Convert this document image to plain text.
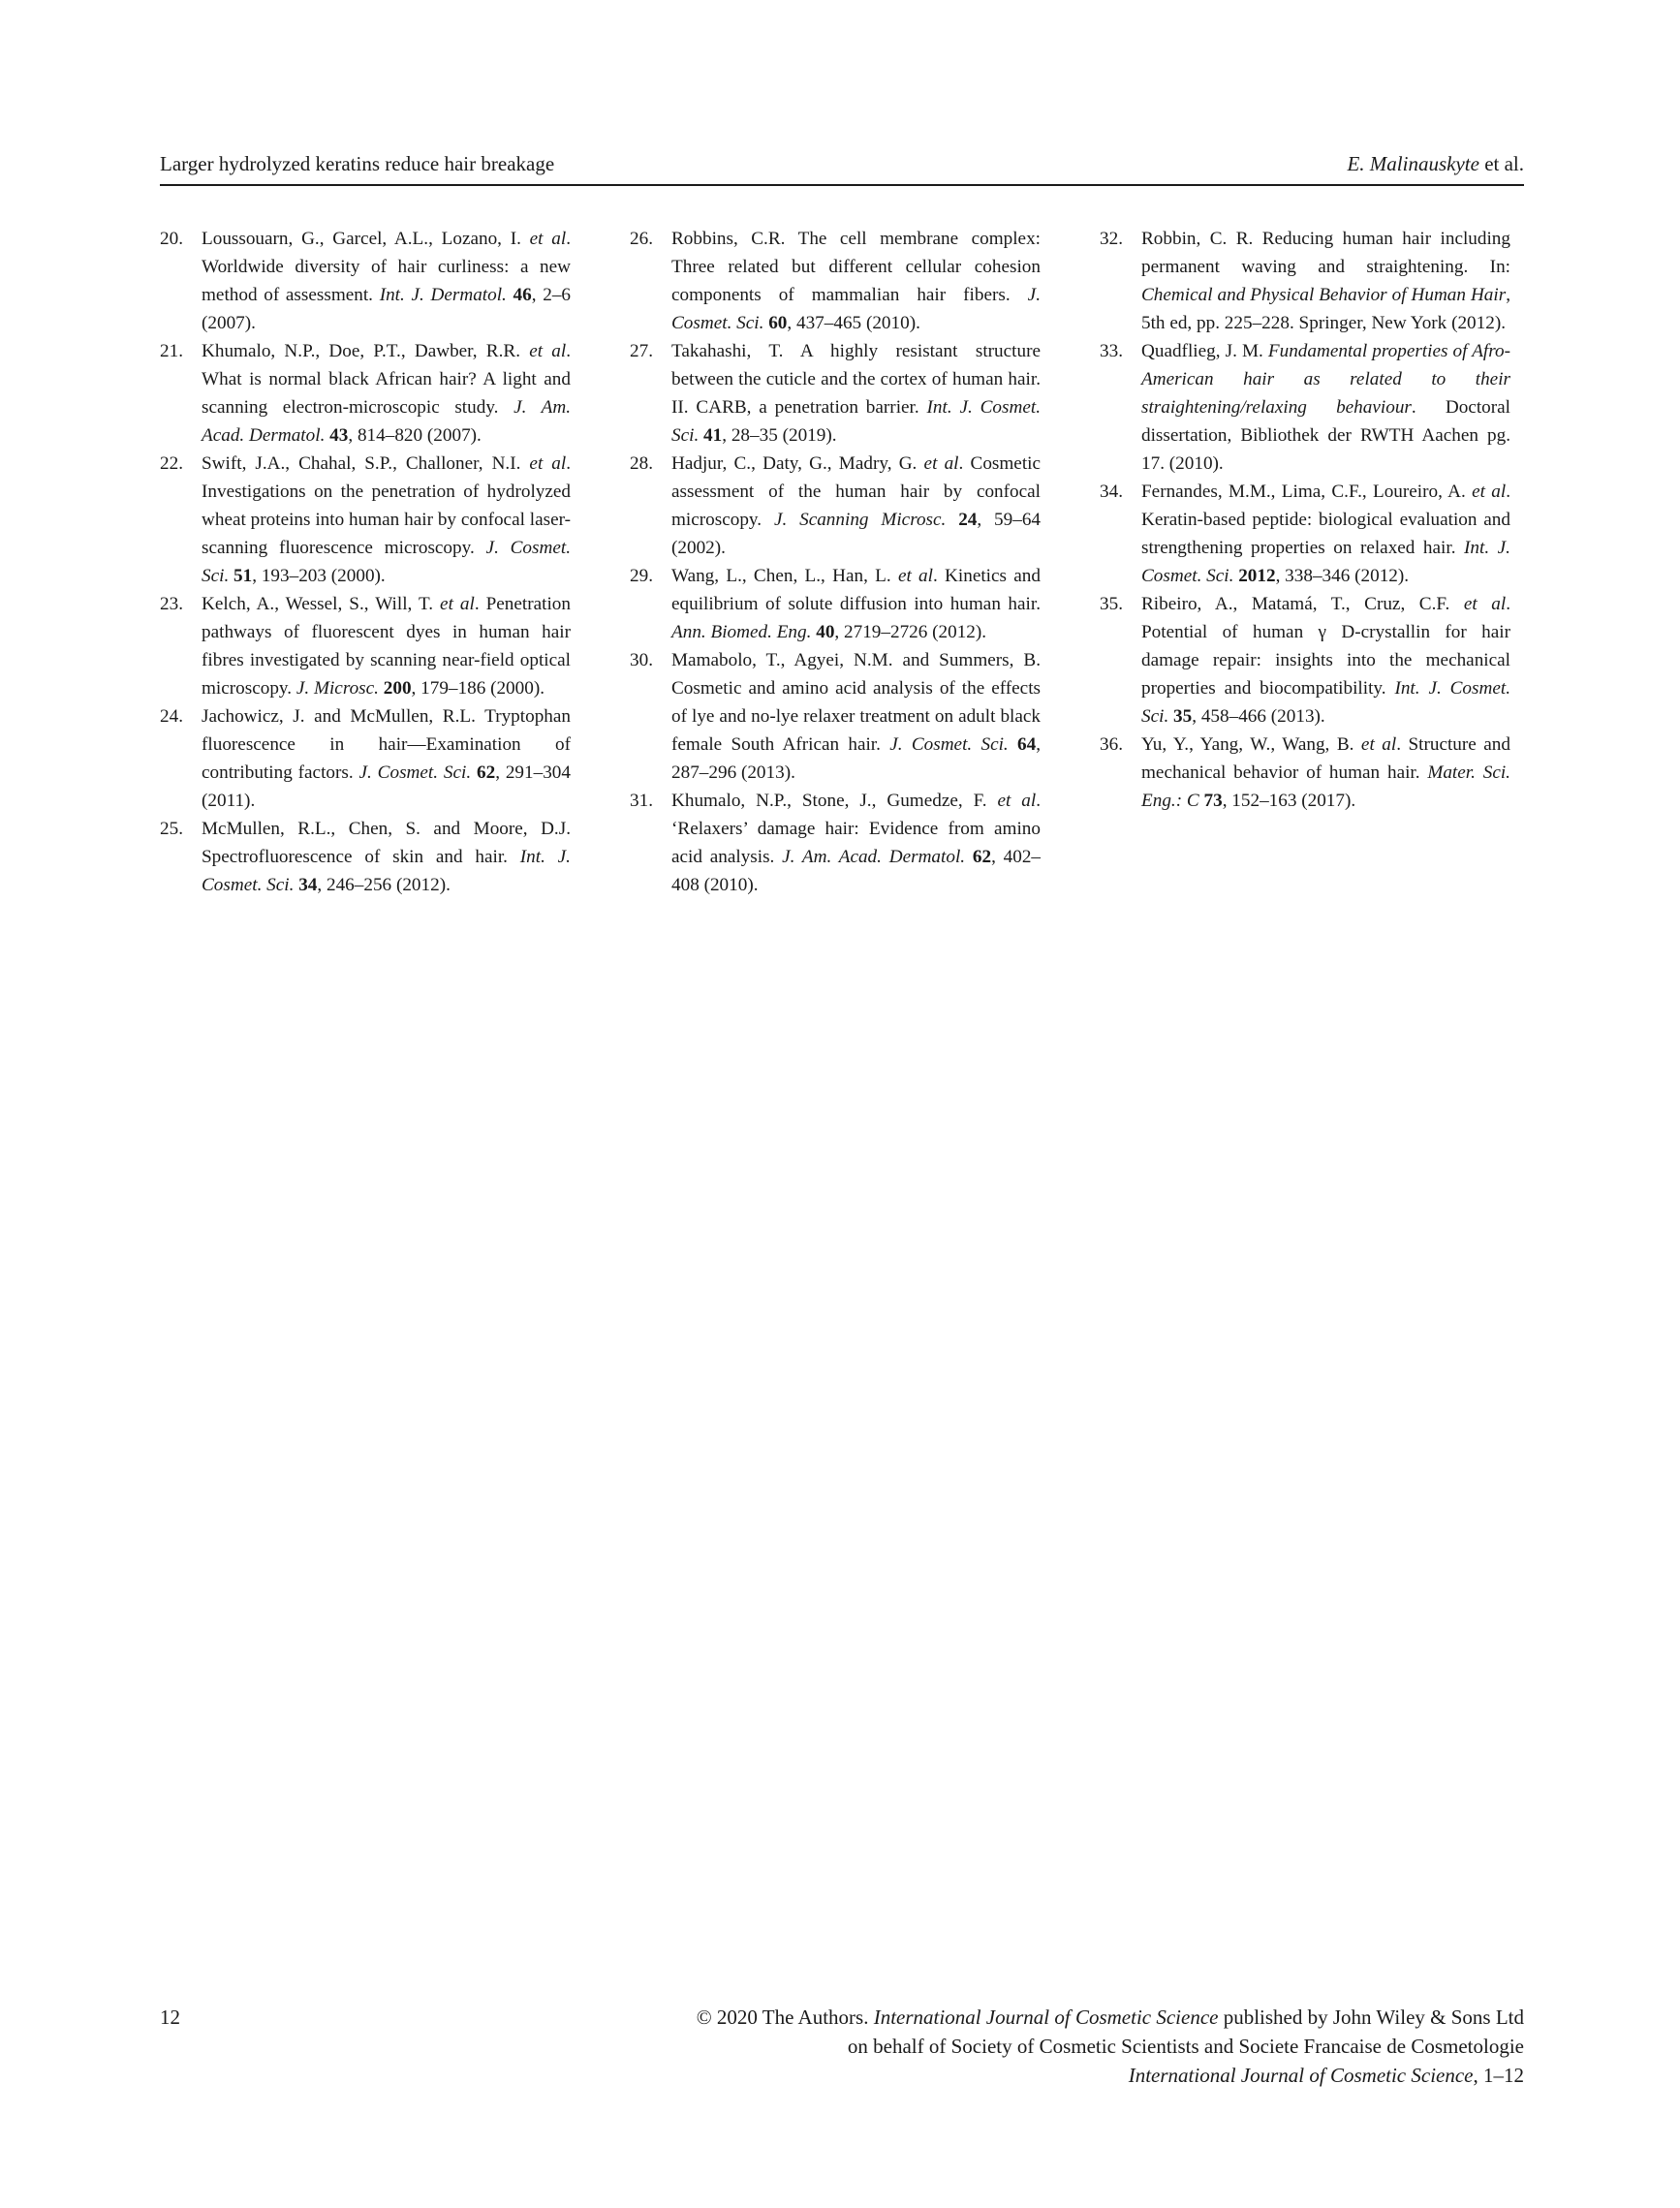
Larger hydrolyzed keratins reduce hair breakage	E. Malinauskyte et al.
20. Loussouarn, G., Garcel, A.L., Lozano, I. et al. Worldwide diversity of hair curliness: a new method of assessment. Int. J. Dermatol. 46, 2–6 (2007).
21. Khumalo, N.P., Doe, P.T., Dawber, R.R. et al. What is normal black African hair? A light and scanning electron-microscopic study. J. Am. Acad. Dermatol. 43, 814–820 (2007).
22. Swift, J.A., Chahal, S.P., Challoner, N.I. et al. Investigations on the penetration of hydrolyzed wheat proteins into human hair by confocal laser-scanning fluorescence microscopy. J. Cosmet. Sci. 51, 193–203 (2000).
23. Kelch, A., Wessel, S., Will, T. et al. Penetration pathways of fluorescent dyes in human hair fibres investigated by scanning near-field optical microscopy. J. Microsc. 200, 179–186 (2000).
24. Jachowicz, J. and McMullen, R.L. Tryptophan fluorescence in hair—Examination of contributing factors. J. Cosmet. Sci. 62, 291–304 (2011).
25. McMullen, R.L., Chen, S. and Moore, D.J. Spectrofluorescence of skin and hair. Int. J. Cosmet. Sci. 34, 246–256 (2012).
26. Robbins, C.R. The cell membrane complex: Three related but different cellular cohesion components of mammalian hair fibers. J. Cosmet. Sci. 60, 437–465 (2010).
27. Takahashi, T. A highly resistant structure between the cuticle and the cortex of human hair. II. CARB, a penetration barrier. Int. J. Cosmet. Sci. 41, 28–35 (2019).
28. Hadjur, C., Daty, G., Madry, G. et al. Cosmetic assessment of the human hair by confocal microscopy. J. Scanning Microsc. 24, 59–64 (2002).
29. Wang, L., Chen, L., Han, L. et al. Kinetics and equilibrium of solute diffusion into human hair. Ann. Biomed. Eng. 40, 2719–2726 (2012).
30. Mamabolo, T., Agyei, N.M. and Summers, B. Cosmetic and amino acid analysis of the effects of lye and no-lye relaxer treatment on adult black female South African hair. J. Cosmet. Sci. 64, 287–296 (2013).
31. Khumalo, N.P., Stone, J., Gumedze, F. et al. ‘Relaxers’ damage hair: Evidence from amino acid analysis. J. Am. Acad. Dermatol. 62, 402–408 (2010).
32. Robbin, C. R. Reducing human hair including permanent waving and straightening. In: Chemical and Physical Behavior of Human Hair, 5th ed, pp. 225–228. Springer, New York (2012).
33. Quadflieg, J. M. Fundamental properties of Afro-American hair as related to their straightening/relaxing behaviour. Doctoral dissertation, Bibliothek der RWTH Aachen pg. 17. (2010).
34. Fernandes, M.M., Lima, C.F., Loureiro, A. et al. Keratin-based peptide: biological evaluation and strengthening properties on relaxed hair. Int. J. Cosmet. Sci. 2012, 338–346 (2012).
35. Ribeiro, A., Matamá, T., Cruz, C.F. et al. Potential of human γ D-crystallin for hair damage repair: insights into the mechanical properties and biocompatibility. Int. J. Cosmet. Sci. 35, 458–466 (2013).
36. Yu, Y., Yang, W., Wang, B. et al. Structure and mechanical behavior of human hair. Mater. Sci. Eng.: C 73, 152–163 (2017).
12	© 2020 The Authors. International Journal of Cosmetic Science published by John Wiley & Sons Ltd
on behalf of Society of Cosmetic Scientists and Societe Francaise de Cosmetologie
International Journal of Cosmetic Science, 1–12
